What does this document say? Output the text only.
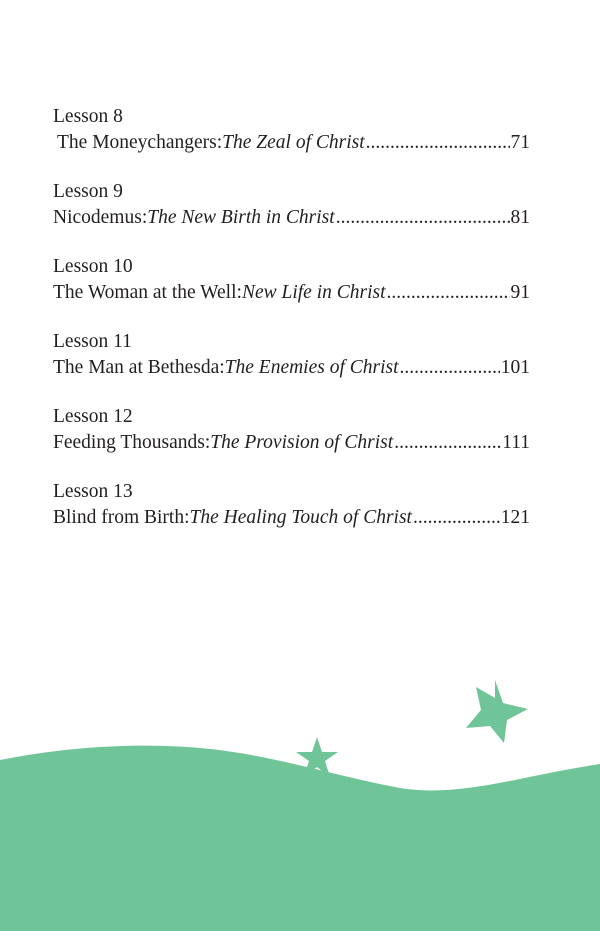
Lesson 8
The Moneychangers: The Zeal of Christ .....	71
Lesson 9
Nicodemus: The New Birth in Christ .....	81
Lesson 10
The Woman at the Well: New Life in Christ .....	91
Lesson 11
The Man at Bethesda: The Enemies of Christ .....	101
Lesson 12
Feeding Thousands: The Provision of Christ .....	111
Lesson 13
Blind from Birth: The Healing Touch of Christ .....	121
